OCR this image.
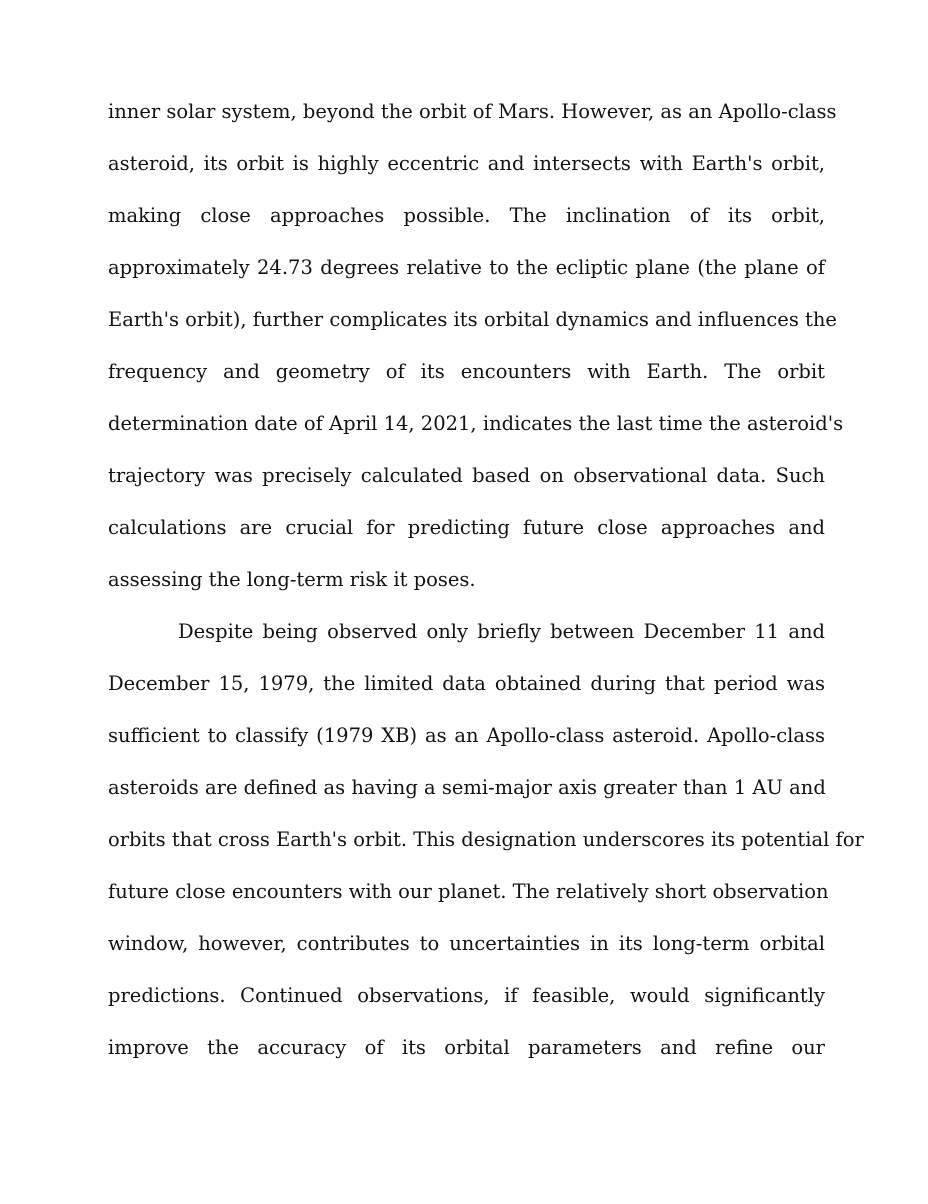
inner solar system, beyond the orbit of Mars. However, as an Apollo-class
asteroid, its orbit is highly eccentric and intersects with Earth's orbit,
making close approaches possible. The inclination of its orbit,
approximately 24.73 degrees relative to the ecliptic plane (the plane of
Earth's orbit), further complicates its orbital dynamics and influences the
frequency and geometry of its encounters with Earth. The orbit
determination date of April 14, 2021, indicates the last time the asteroid's
trajectory was precisely calculated based on observational data. Such
calculations are crucial for predicting future close approaches and
assessing the long-term risk it poses.
Despite being observed only briefly between December 11 and
December 15, 1979, the limited data obtained during that period was
sufficient to classify (1979 XB) as an Apollo-class asteroid. Apollo-class
asteroids are defined as having a semi-major axis greater than 1 AU and
orbits that cross Earth's orbit. This designation underscores its potential for
future close encounters with our planet. The relatively short observation
window, however, contributes to uncertainties in its long-term orbital
predictions. Continued observations, if feasible, would significantly
improve the accuracy of its orbital parameters and refine our
